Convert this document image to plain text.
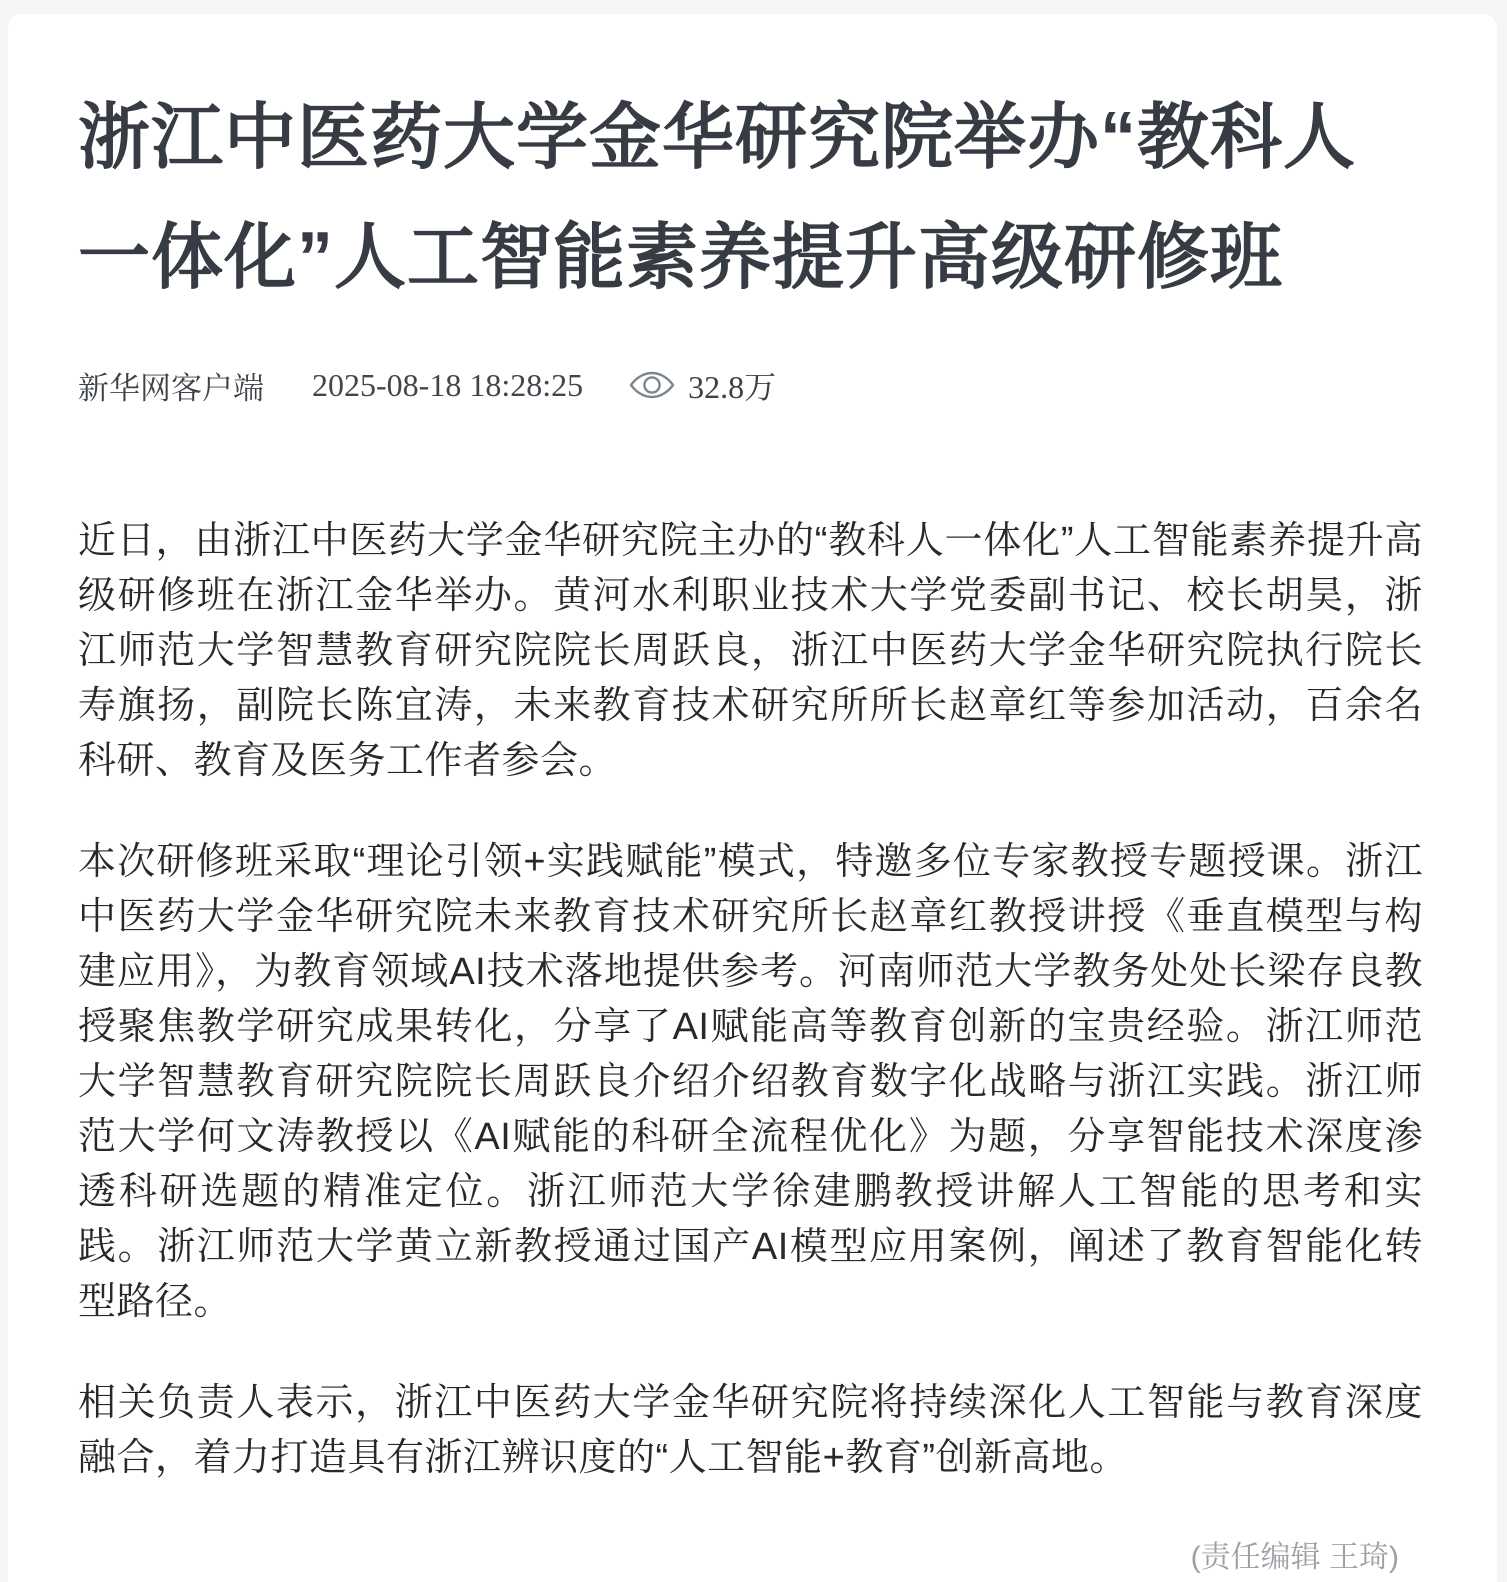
浙江中医药大学金华研究院举办“教科人一体化”人工智能素养提升高级研修班
新华网客户端 2025-08-18 18:28:25	32.8万

近日，由浙江中医药大学金华研究院主办的“教科人一体化”人工智能素养提升高级研修班在浙江金华举办。黄河水利职业技术大学党委副书记、校长胡昊，浙江师范大学智慧教育研究院院长周跃良，浙江中医药大学金华研究院执行院长寿旗扬，副院长陈宜涛，未来教育技术研究所所长赵章红等参加活动，百余名科研、教育及医务工作者参会。

本次研修班采取“理论引领+实践赋能”模式，特邀多位专家教授专题授课。浙江中医药大学金华研究院未来教育技术研究所长赵章红教授讲授《垂直模型与构建应用》，为教育领域AI技术落地提供参考。河南师范大学教务处处长梁存良教授聚焦教学研究成果转化，分享了AI赋能高等教育创新的宝贵经验。浙江师范大学智慧教育研究院院长周跃良介绍介绍教育数字化战略与浙江实践。浙江师范大学何文涛教授以《AI赋能的科研全流程优化》为题，分享智能技术深度渗透科研选题的精准定位。浙江师范大学徐建鹏教授讲解人工智能的思考和实践。浙江师范大学黄立新教授通过国产AI模型应用案例，阐述了教育智能化转型路径。

相关负责人表示，浙江中医药大学金华研究院将持续深化人工智能与教育深度融合，着力打造具有浙江辨识度的“人工智能+教育”创新高地。

(责任编辑 王琦)
